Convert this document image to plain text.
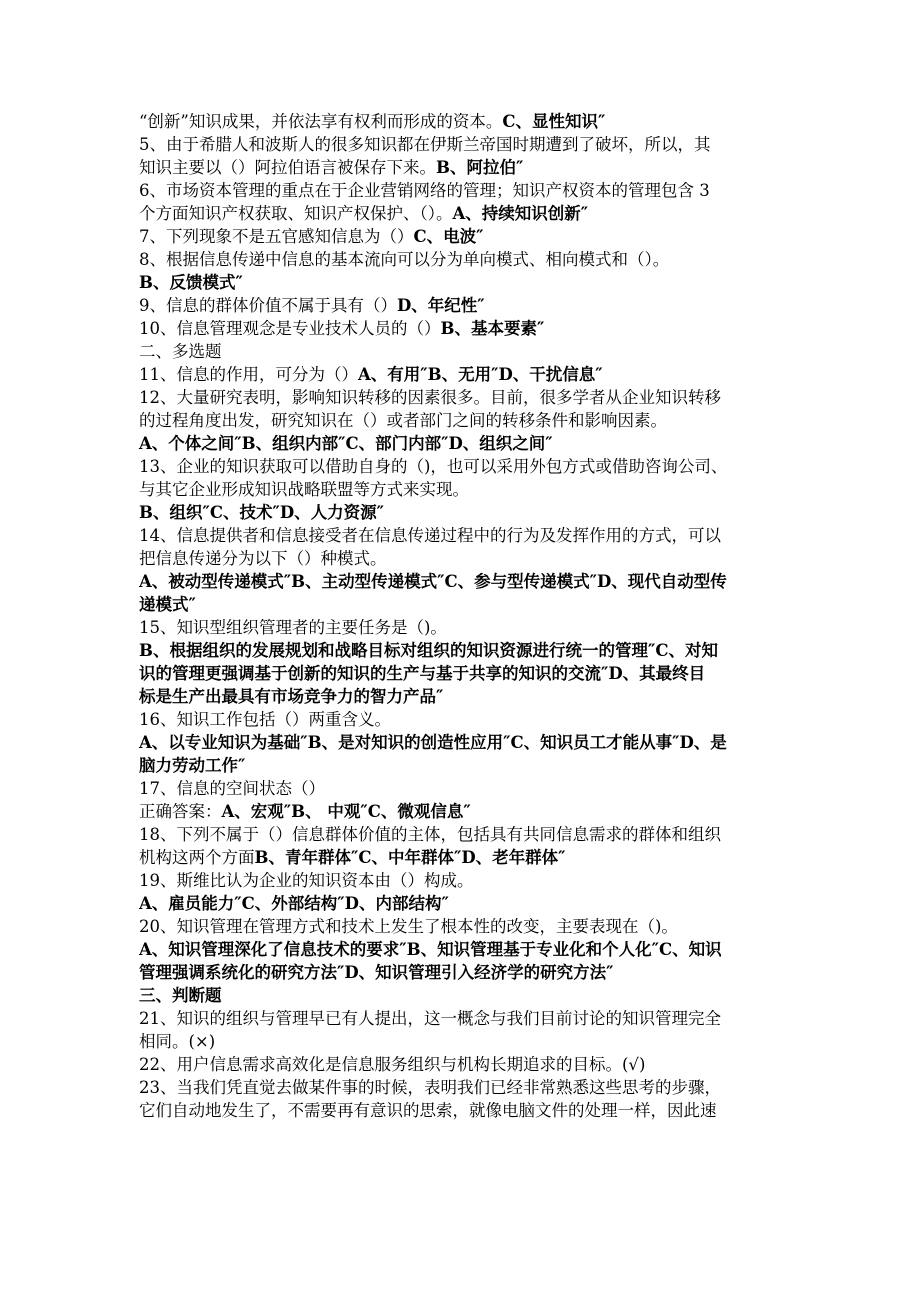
“创新”知识成果，并依法享有权利而形成的资本。C、显性知识″
5、由于希腊人和波斯人的很多知识都在伊斯兰帝国时期遭到了破坏，所以，其
知识主要以（）阿拉伯语言被保存下来。B、阿拉伯″
6、市场资本管理的重点在于企业营销网络的管理；知识产权资本的管理包含 3
个方面知识产权获取、知识产权保护、（）。A、持续知识创新″
7、下列现象不是五官感知信息为（）C、电波″
8、根据信息传递中信息的基本流向可以分为单向模式、相向模式和（）。
B、反馈模式″
9、信息的群体价值不属于具有（）D、年纪性″
10、信息管理观念是专业技术人员的（）B、基本要素″
二、多选题
11、信息的作用，可分为（）A、有用″B、无用″D、干扰信息″
12、大量研究表明，影响知识转移的因素很多。目前，很多学者从企业知识转移
的过程角度出发，研究知识在（）或者部门之间的转移条件和影响因素。
A、个体之间″B、组织内部″C、部门内部″D、组织之间″
13、企业的知识获取可以借助自身的（)，也可以采用外包方式或借助咨询公司、
与其它企业形成知识战略联盟等方式来实现。
B、组织″C、技术″D、人力资源″
14、信息提供者和信息接受者在信息传递过程中的行为及发挥作用的方式，可以
把信息传递分为以下（）种模式。
A、被动型传递模式″B、主动型传递模式″C、参与型传递模式″D、现代自动型传
递模式″
15、知识型组织管理者的主要任务是（)。
B、根据组织的发展规划和战略目标对组织的知识资源进行统一的管理″C、对知
识的管理更强调基于创新的知识的生产与基于共享的知识的交流″D、其最终目
标是生产出最具有市场竞争力的智力产品″
16、知识工作包括（）两重含义。
A、以专业知识为基础″B、是对知识的创造性应用″C、知识员工才能从事″D、是
脑力劳动工作″
17、信息的空间状态（）
正确答案：A、宏观″B、 中观″C、微观信息″
18、下列不属于（）信息群体价值的主体，包括具有共同信息需求的群体和组织
机构这两个方面B、青年群体″C、中年群体″D、老年群体″
19、斯维比认为企业的知识资本由（）构成。
A、雇员能力″C、外部结构″D、内部结构″
20、知识管理在管理方式和技术上发生了根本性的改变，主要表现在（)。
A、知识管理深化了信息技术的要求″B、知识管理基于专业化和个人化″C、知识
管理强调系统化的研究方法″D、知识管理引入经济学的研究方法″
三、判断题
21、知识的组织与管理早已有人提出，这一概念与我们目前讨论的知识管理完全
相同。(×)
22、用户信息需求高效化是信息服务组织与机构长期追求的目标。(√)
23、当我们凭直觉去做某件事的时候，表明我们已经非常熟悉这些思考的步骤，
它们自动地发生了，不需要再有意识的思索，就像电脑文件的处理一样，因此速
